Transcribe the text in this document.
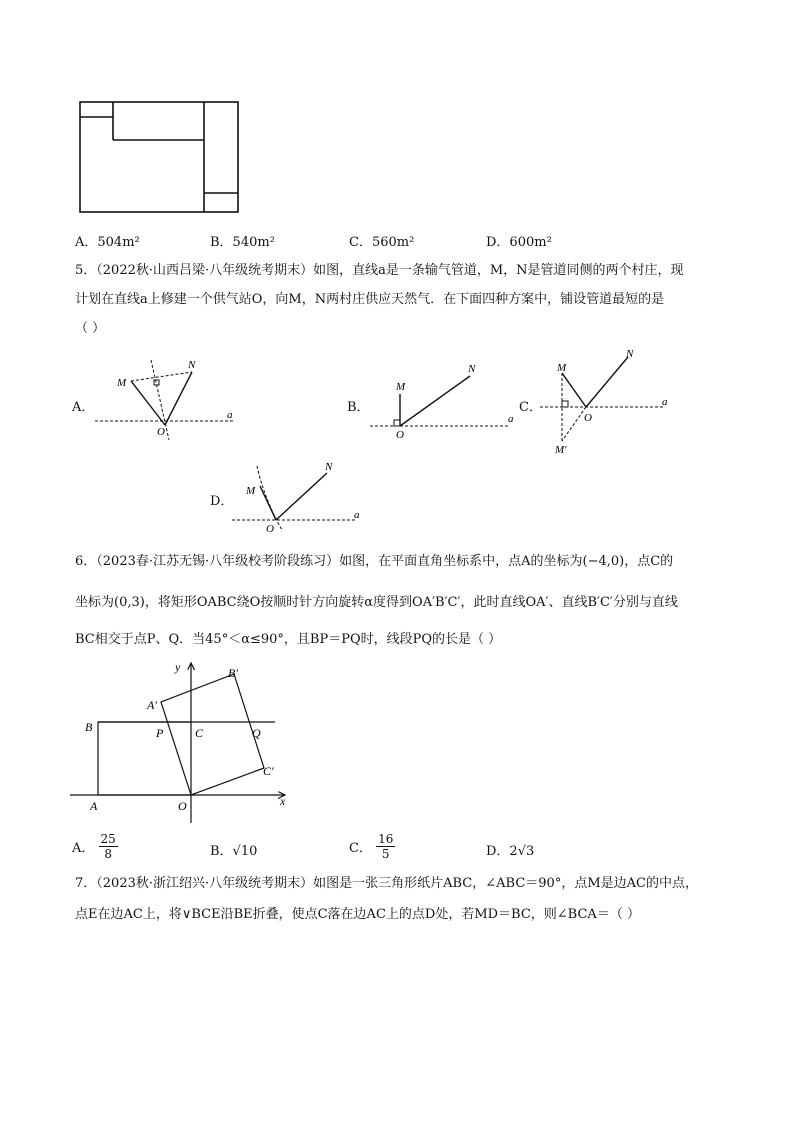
A．504m²	B．540m²	C．560m²	D．600m²
5．（2022秋·山西吕梁·八年级统考期末）如图，直线a是一条输气管道，M，N是管道同侧的两个村庄，现
计划在直线a上修建一个供气站O，向M，N两村庄供应天然气．在下面四种方案中，铺设管道最短的是
（ ）
A．
M
N
O
a	B．
M
N
O
a
C．
M
N
O
a
M′
D．
M
N
O
a
6．（2023春·江苏无锡·八年级校考阶段练习）如图，在平面直角坐标系中，点A的坐标为(−4,0)，点C的
坐标为(0,3)，将矩形OABC绕O按顺时针方向旋转α度得到OA′B′C′，此时直线OA′、直线B′C′分别与直线
BC相交于点P、Q．当45°＜α≤90°，且BP＝PQ时，线段PQ的长是（ ）
y
x
A
B	C
O
P	Q
A′
B′
C′
A． $\frac{25}{8}$	B．√10	C． $\frac{16}{5}$	D．2√3
7．（2023秋·浙江绍兴·八年级统考期末）如图是一张三角形纸片ABC，∠ABC＝90°，点M是边AC的中点，
点E在边AC上，将∨BCE沿BE折叠，使点C落在边AC上的点D处，若MD＝BC，则∠BCA＝（ ）
